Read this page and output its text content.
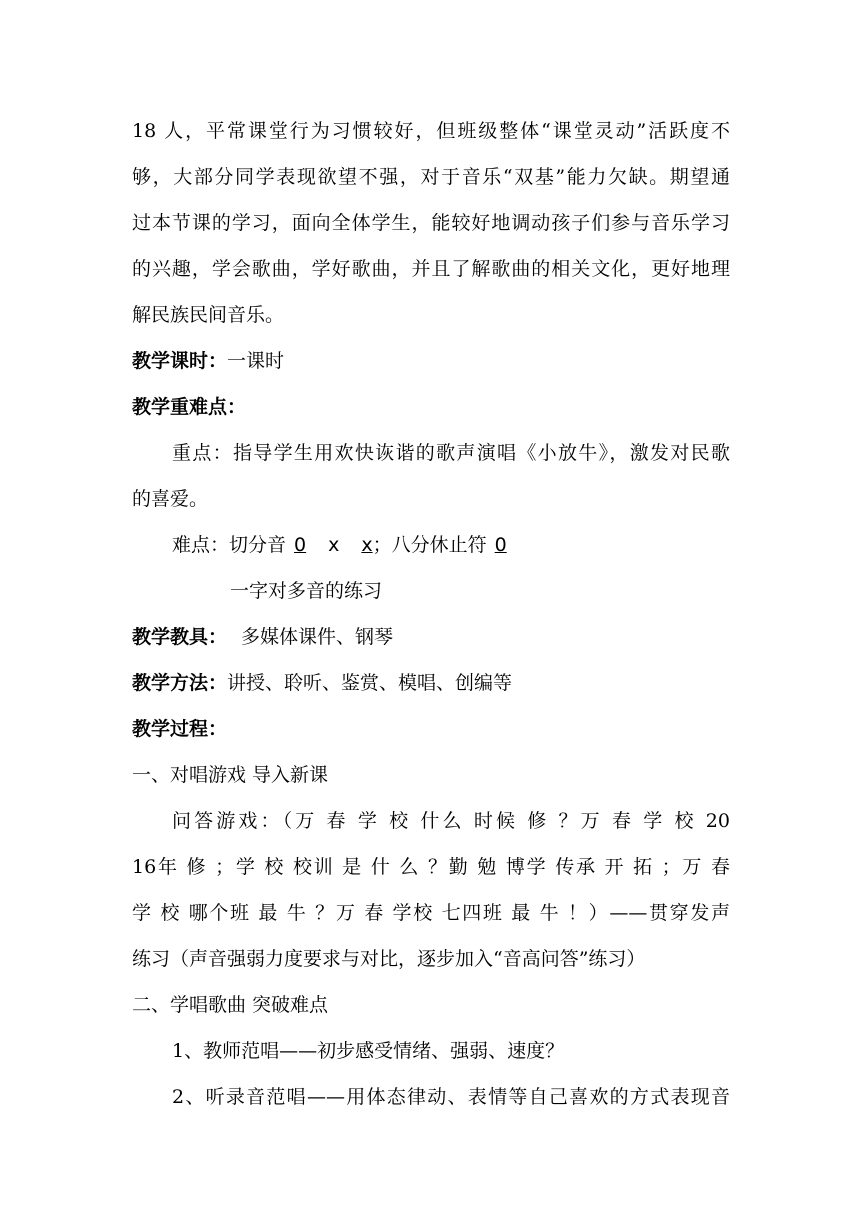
18 人，平常课堂行为习惯较好，但班级整体“课堂灵动”活跃度不
够，大部分同学表现欲望不强，对于音乐“双基”能力欠缺。期望通
过本节课的学习，面向全体学生，能较好地调动孩子们参与音乐学习
的兴趣，学会歌曲，学好歌曲，并且了解歌曲的相关文化，更好地理
解民族民间音乐。
教学课时：一课时
教学重难点：
重点：指导学生用欢快诙谐的歌声演唱《小放牛》，激发对民歌
的喜爱。
难点：切分音 0 x x；八分休止符 0
一字对多音的练习
教学教具： 多媒体课件、钢琴
教学方法：讲授、聆听、鉴赏、模唱、创编等
教学过程：
一、对唱游戏 导入新课
问答游戏：（万 春 学 校 什么 时候 修 ？万 春 学 校 20
16年 修 ；学 校 校训 是 什 么 ？勤 勉 博学 传承 开 拓 ；万 春
学 校 哪个班 最 牛 ？万 春 学校 七四班 最 牛 ！）——贯穿发声
练习（声音强弱力度要求与对比，逐步加入“音高问答”练习）
二、学唱歌曲 突破难点
1、教师范唱——初步感受情绪、强弱、速度？
2、听录音范唱——用体态律动、表情等自己喜欢的方式表现音
